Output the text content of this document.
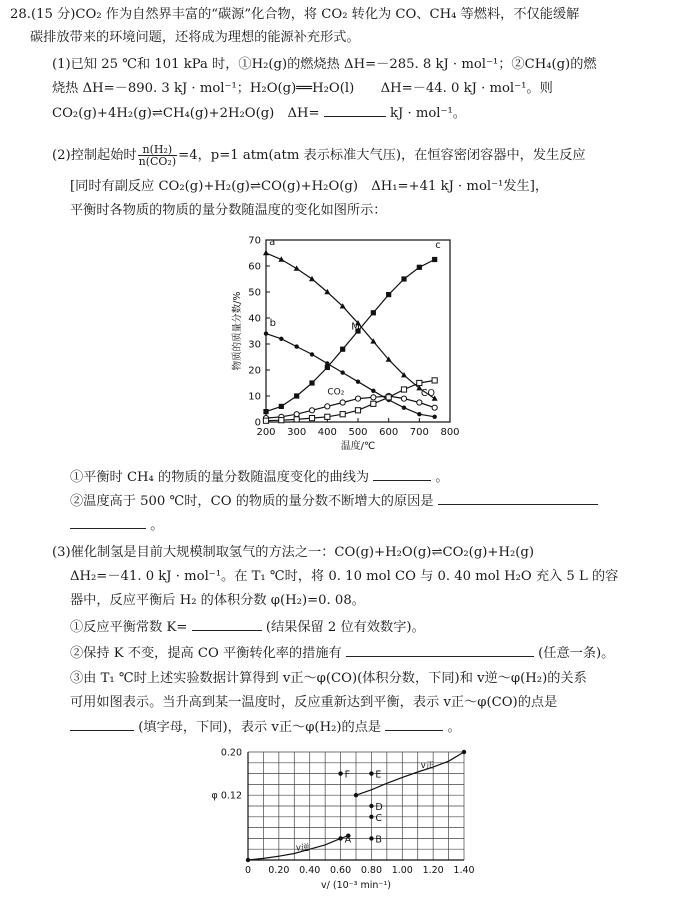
28.(15 分)CO₂ 作为自然界丰富的“碳源”化合物，将 CO₂ 转化为 CO、CH₄ 等燃料，不仅能缓解
碳排放带来的环境问题，还将成为理想的能源补充形式。
(1)已知 25 ℃和 101 kPa 时，①H₂(g)的燃烧热 ΔH=－285. 8 kJ · mol⁻¹；②CH₄(g)的燃
烧热 ΔH=－890. 3 kJ · mol⁻¹；H₂O(g)══H₂O(l)　　ΔH=－44. 0 kJ · mol⁻¹。则
CO₂(g)+4H₂(g)⇌CH₄(g)+2H₂O(g)　ΔH=	kJ · mol⁻¹。
(2)控制起始时 $\frac{\text{n(H₂)}}{\text{n(CO₂)}} =4$，p=1 atm(atm 表示标准大气压)，在恒容密闭容器中，发生反应
[同时有副反应 CO₂(g)+H₂(g)⇌CO(g)+H₂O(g)　ΔH₁=+41 kJ · mol⁻¹发生]，
平衡时各物质的物质的量分数随温度的变化如图所示：
200 300 400 500 600 700 800
0
10
20
30
40
50
60
70
温度/℃
物质的质量分数/%
a
b
c
M
CO₂	CO
①平衡时 CH₄ 的物质的量分数随温度变化的曲线为	。
②温度高于 500 ℃时，CO 的物质的量分数不断增大的原因是
。
(3)催化制氢是目前大规模制取氢气的方法之一：CO(g)+H₂O(g)⇌CO₂(g)+H₂(g)
ΔH₂=－41. 0 kJ · mol⁻¹。在 T₁ ℃时，将 0. 10 mol CO 与 0. 40 mol H₂O 充入 5 L 的容
器中，反应平衡后 H₂ 的体积分数 φ(H₂)=0. 08。
①反应平衡常数 K=	(结果保留 2 位有效数字)。
②保持 K 不变，提高 CO 平衡转化率的措施有	(任意一条)。
③由 T₁ ℃时上述实验数据计算得到 v正～φ(CO)(体积分数，下同)和 v逆～φ(H₂)的关系
可用如图表示。当升高到某一温度时，反应重新达到平衡，表示 v正～φ(CO)的点是
(填字母，下同)，表示 v正～φ(H₂)的点是	。
0 0.20 0.40 0.60 0.80 1.00 1.20 1.40
0.20
φ 0.12
v/ (10⁻³ min⁻¹)
v逆
v正
A	B
C
D
E
F
